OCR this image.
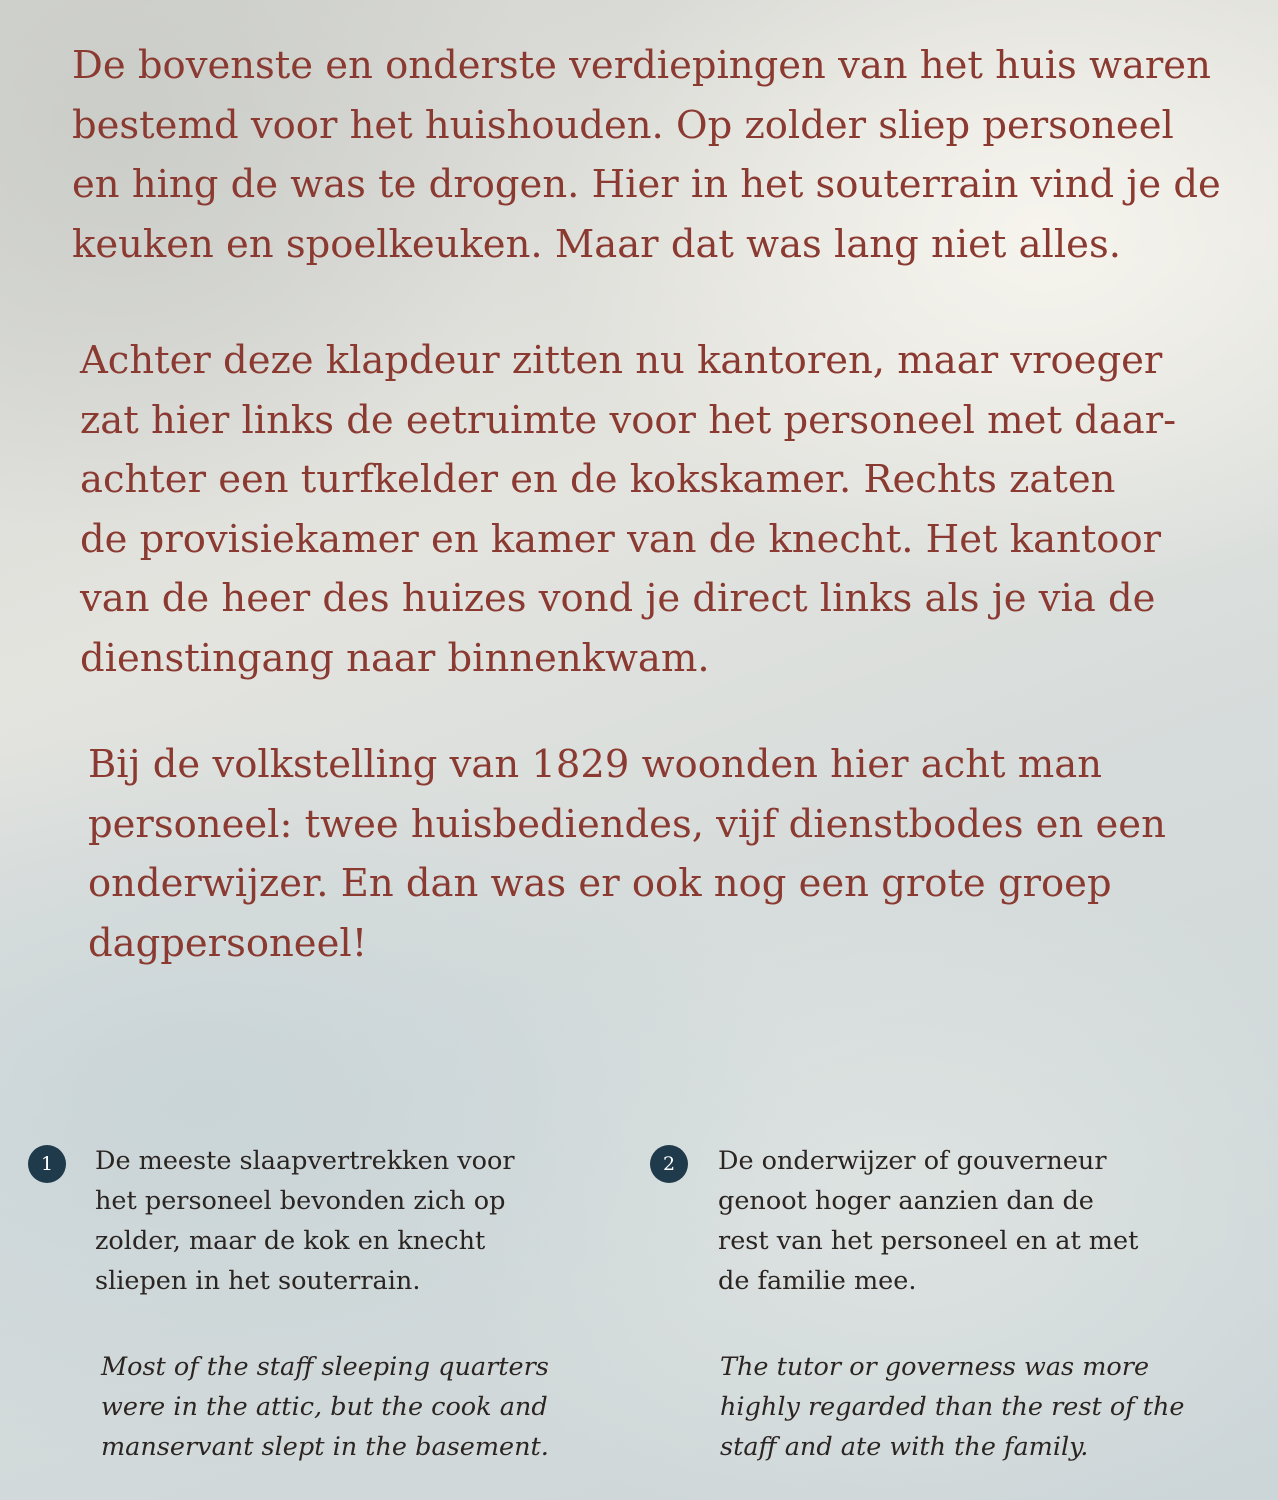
De bovenste en onderste verdiepingen van het huis waren
bestemd voor het huishouden. Op zolder sliep personeel
en hing de was te drogen. Hier in het souterrain vind je de
keuken en spoelkeuken. Maar dat was lang niet alles.

Achter deze klapdeur zitten nu kantoren, maar vroeger
zat hier links de eetruimte voor het personeel met daar-
achter een turfkelder en de kokskamer. Rechts zaten
de provisiekamer en kamer van de knecht. Het kantoor
van de heer des huizes vond je direct links als je via de
dienstingang naar binnenkwam.

Bij de volkstelling van 1829 woonden hier acht man
personeel: twee huisbediendes, vijf dienstbodes en een
onderwijzer. En dan was er ook nog een grote groep
dagpersoneel!

1	De meeste slaapvertrekken voor
het personeel bevonden zich op
zolder, maar de kok en knecht
sliepen in het souterrain.

Most of the staff sleeping quarters
were in the attic, but the cook and
manservant slept in the basement.

2	De onderwijzer of gouverneur
genoot hoger aanzien dan de
rest van het personeel en at met
de familie mee.

The tutor or governess was more
highly regarded than the rest of the
staff and ate with the family.
